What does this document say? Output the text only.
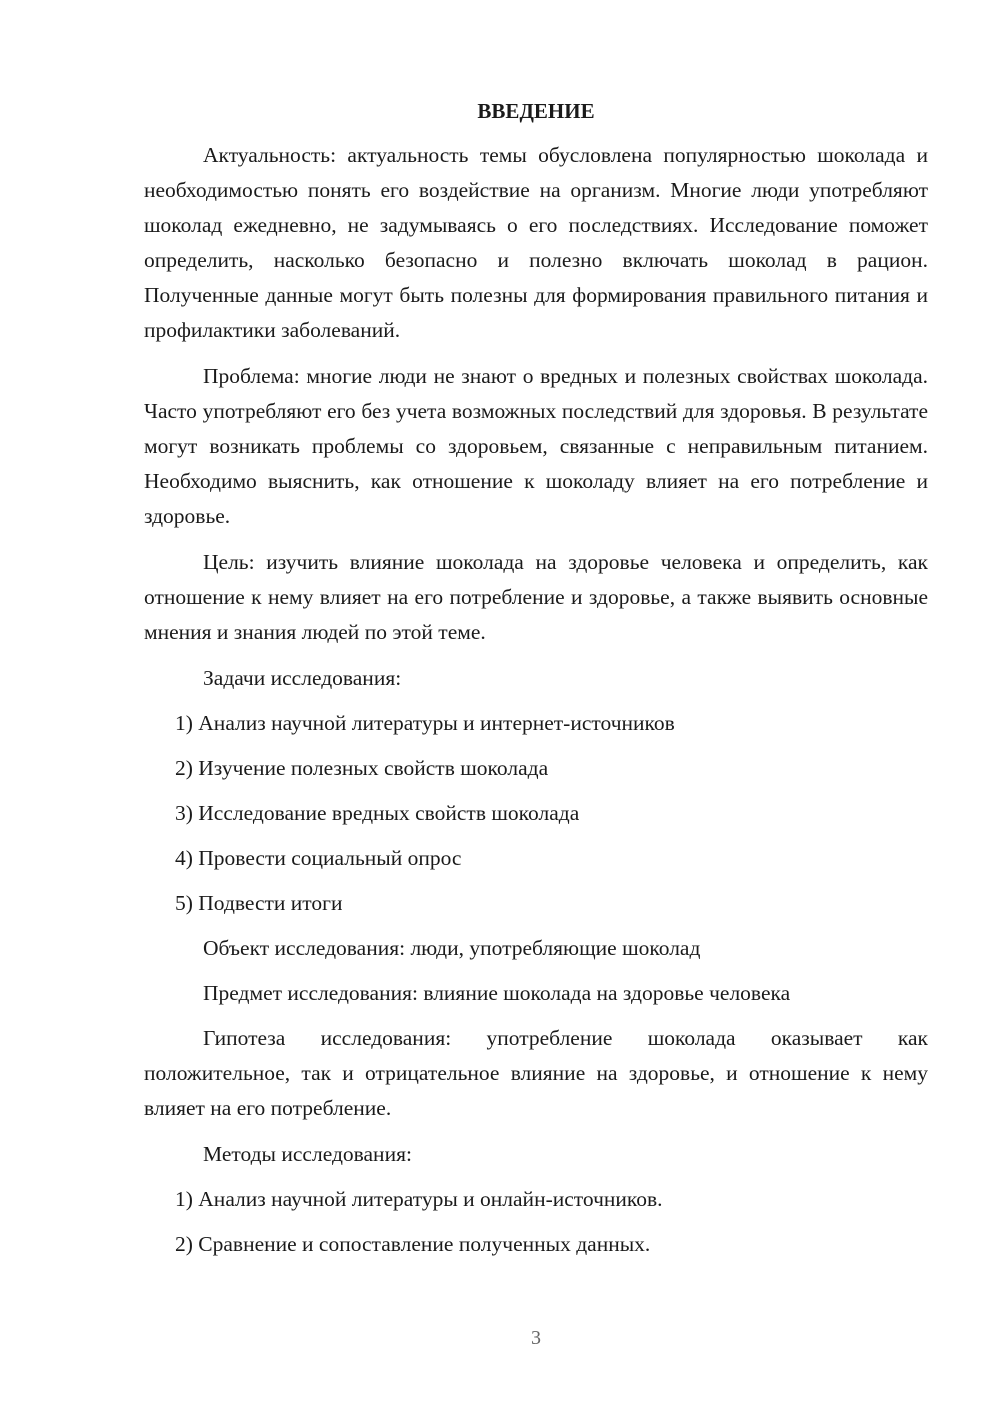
ВВЕДЕНИЕ

Актуальность: актуальность темы обусловлена популярностью шоколада и необходимостью понять его воздействие на организм. Многие люди употребляют шоколад ежедневно, не задумываясь о его последствиях. Исследование поможет определить, насколько безопасно и полезно включать шоколад в рацион. Полученные данные могут быть полезны для формирования правильного питания и профилактики заболеваний.

Проблема: многие люди не знают о вредных и полезных свойствах шоколада. Часто употребляют его без учета возможных последствий для здоровья. В результате могут возникать проблемы со здоровьем, связанные с неправильным питанием. Необходимо выяснить, как отношение к шоколаду влияет на его потребление и здоровье.

Цель: изучить влияние шоколада на здоровье человека и определить, как отношение к нему влияет на его потребление и здоровье, а также выявить основные мнения и знания людей по этой теме.

Задачи исследования:

1) Анализ научной литературы и интернет-источников
2) Изучение полезных свойств шоколада
3) Исследование вредных свойств шоколада
4) Провести социальный опрос
5) Подвести итоги

Объект исследования: люди, употребляющие шоколад

Предмет исследования: влияние шоколада на здоровье человека

Гипотеза исследования: употребление шоколада оказывает как положительное, так и отрицательное влияние на здоровье, и отношение к нему влияет на его потребление.

Методы исследования:

1) Анализ научной литературы и онлайн-источников.
2) Сравнение и сопоставление полученных данных.
3
